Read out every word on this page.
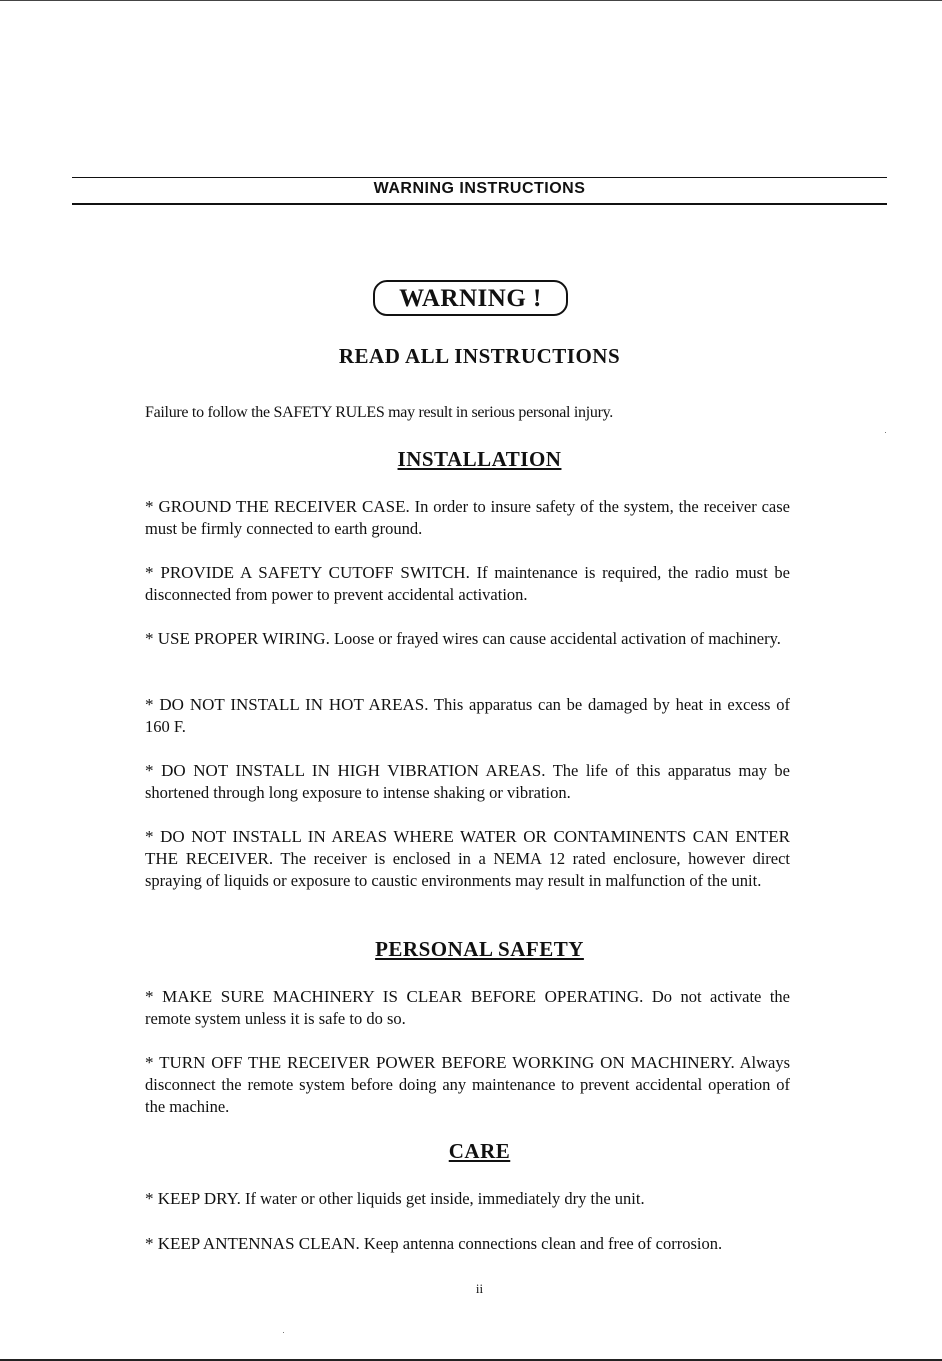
WARNING INSTRUCTIONS
WARNING !
READ ALL INSTRUCTIONS
Failure to follow the SAFETY RULES may result in serious personal injury.
INSTALLATION
* GROUND THE RECEIVER CASE. In order to insure safety of the system, the receiver case must be firmly connected to earth ground.
* PROVIDE A SAFETY CUTOFF SWITCH. If maintenance is required, the radio must be disconnected from power to prevent accidental activation.
* USE PROPER WIRING. Loose or frayed wires can cause accidental activation of machinery.
* DO NOT INSTALL IN HOT AREAS. This apparatus can be damaged by heat in excess of 160 F.
* DO NOT INSTALL IN HIGH VIBRATION AREAS. The life of this apparatus may be shortened through long exposure to intense shaking or vibration.
* DO NOT INSTALL IN AREAS WHERE WATER OR CONTAMINENTS CAN ENTER THE RECEIVER. The receiver is enclosed in a NEMA 12 rated enclosure, however direct spraying of liquids or exposure to caustic environments may result in malfunction of the unit.
PERSONAL SAFETY
* MAKE SURE MACHINERY IS CLEAR BEFORE OPERATING. Do not activate the remote system unless it is safe to do so.
* TURN OFF THE RECEIVER POWER BEFORE WORKING ON MACHINERY. Always disconnect the remote system before doing any maintenance to prevent accidental operation of the machine.
CARE
* KEEP DRY. If water or other liquids get inside, immediately dry the unit.
* KEEP ANTENNAS CLEAN. Keep antenna connections clean and free of corrosion.
ii
